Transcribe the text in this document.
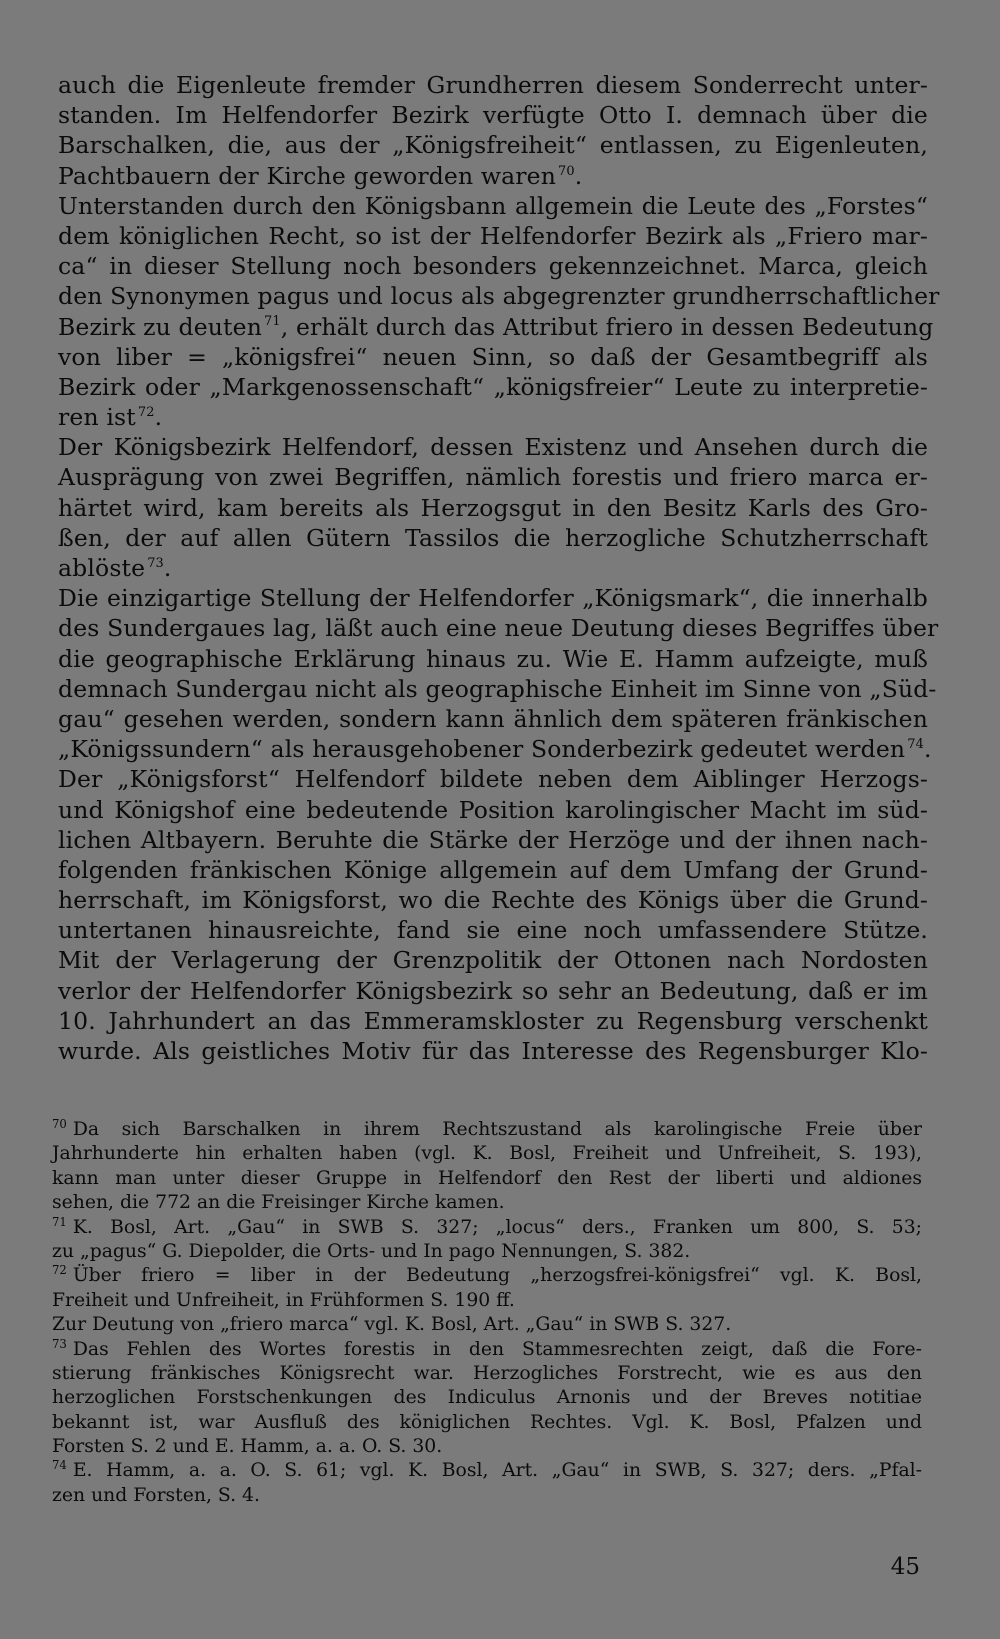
auch die Eigenleute fremder Grundherren diesem Sonderrecht unter-
standen. Im Helfendorfer Bezirk verfügte Otto I. demnach über die
Barschalken, die, aus der „Königsfreiheit“ entlassen, zu Eigenleuten,
Pachtbauern der Kirche geworden waren $^{70}$.
Unterstanden durch den Königsbann allgemein die Leute des „Forstes“
dem königlichen Recht, so ist der Helfendorfer Bezirk als „Friero mar-
ca“ in dieser Stellung noch besonders gekennzeichnet. Marca, gleich
den Synonymen pagus und locus als abgegrenzter grundherrschaftlicher
Bezirk zu deuten $^{71}$, erhält durch das Attribut friero in dessen Bedeutung
von liber = „königsfrei“ neuen Sinn, so daß der Gesamtbegriff als
Bezirk oder „Markgenossenschaft“ „königsfreier“ Leute zu interpretie-
ren ist $^{72}$.
Der Königsbezirk Helfendorf, dessen Existenz und Ansehen durch die
Ausprägung von zwei Begriffen, nämlich forestis und friero marca er-
härtet wird, kam bereits als Herzogsgut in den Besitz Karls des Gro-
ßen, der auf allen Gütern Tassilos die herzogliche Schutzherrschaft
ablöste $^{73}$.
Die einzigartige Stellung der Helfendorfer „Königsmark“, die innerhalb
des Sundergaues lag, läßt auch eine neue Deutung dieses Begriffes über
die geographische Erklärung hinaus zu. Wie E. Hamm aufzeigte, muß
demnach Sundergau nicht als geographische Einheit im Sinne von „Süd-
gau“ gesehen werden, sondern kann ähnlich dem späteren fränkischen
„Königssundern“ als herausgehobener Sonderbezirk gedeutet werden $^{74}$.
Der „Königsforst“ Helfendorf bildete neben dem Aiblinger Herzogs-
und Königshof eine bedeutende Position karolingischer Macht im süd-
lichen Altbayern. Beruhte die Stärke der Herzöge und der ihnen nach-
folgenden fränkischen Könige allgemein auf dem Umfang der Grund-
herrschaft, im Königsforst, wo die Rechte des Königs über die Grund-
untertanen hinausreichte, fand sie eine noch umfassendere Stütze.
Mit der Verlagerung der Grenzpolitik der Ottonen nach Nordosten
verlor der Helfendorfer Königsbezirk so sehr an Bedeutung, daß er im
10. Jahrhundert an das Emmeramskloster zu Regensburg verschenkt
wurde. Als geistliches Motiv für das Interesse des Regensburger Klo-
$^{70}$ Da sich Barschalken in ihrem Rechtszustand als karolingische Freie über
Jahrhunderte hin erhalten haben (vgl. K. Bosl, Freiheit und Unfreiheit, S. 193),
kann man unter dieser Gruppe in Helfendorf den Rest der liberti und aldiones
sehen, die 772 an die Freisinger Kirche kamen.
$^{71}$ K. Bosl, Art. „Gau“ in SWB S. 327; „locus“ ders., Franken um 800, S. 53;
zu „pagus“ G. Diepolder, die Orts- und In pago Nennungen, S. 382.
$^{72}$ Über friero = liber in der Bedeutung „herzogsfrei-königsfrei“ vgl. K. Bosl,
Freiheit und Unfreiheit, in Frühformen S. 190 ff.
Zur Deutung von „friero marca“ vgl. K. Bosl, Art. „Gau“ in SWB S. 327.
$^{73}$ Das Fehlen des Wortes forestis in den Stammesrechten zeigt, daß die Fore-
stierung fränkisches Königsrecht war. Herzogliches Forstrecht, wie es aus den
herzoglichen Forstschenkungen des Indiculus Arnonis und der Breves notitiae
bekannt ist, war Ausfluß des königlichen Rechtes. Vgl. K. Bosl, Pfalzen und
Forsten S. 2 und E. Hamm, a. a. O. S. 30.
$^{74}$ E. Hamm, a. a. O. S. 61; vgl. K. Bosl, Art. „Gau“ in SWB, S. 327; ders. „Pfal-
zen und Forsten, S. 4.
45
